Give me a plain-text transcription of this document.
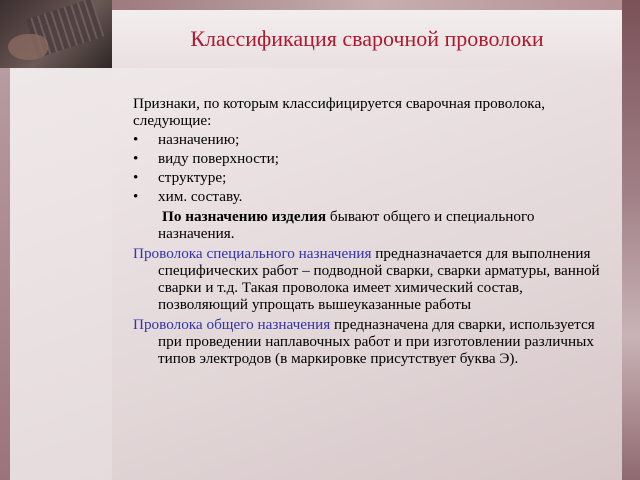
Классификация сварочной проволоки

Признаки, по которым классифицируется сварочная проволока, следующие:

• назначению;
• виду поверхности;
• структуре;
• хим. составу.

По назначению изделия бывают общего и специального назначения.

Проволока специального назначения предназначается для выполнения специфических работ – подводной сварки, сварки арматуры, ванной сварки и т.д. Такая проволока имеет химический состав, позволяющий упрощать вышеуказанные работы

Проволока общего назначения предназначена для сварки, используется при проведении наплавочных работ и при изготовлении различных типов электродов (в маркировке присутствует буква Э).
